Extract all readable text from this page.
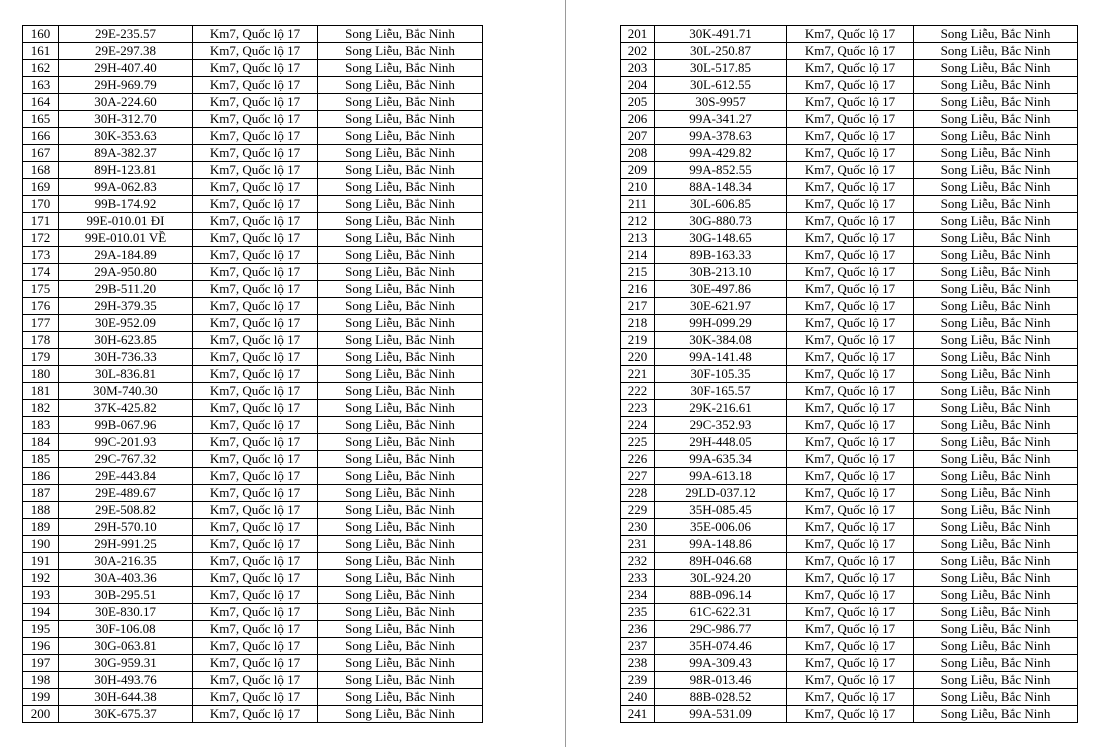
160	29E-235.57	Km7, Quốc lộ 17	Song Liễu, Bắc Ninh
161	29E-297.38	Km7, Quốc lộ 17	Song Liễu, Bắc Ninh
162	29H-407.40	Km7, Quốc lộ 17	Song Liễu, Bắc Ninh
163	29H-969.79	Km7, Quốc lộ 17	Song Liễu, Bắc Ninh
164	30A-224.60	Km7, Quốc lộ 17	Song Liễu, Bắc Ninh
165	30H-312.70	Km7, Quốc lộ 17	Song Liễu, Bắc Ninh
166	30K-353.63	Km7, Quốc lộ 17	Song Liễu, Bắc Ninh
167	89A-382.37	Km7, Quốc lộ 17	Song Liễu, Bắc Ninh
168	89H-123.81	Km7, Quốc lộ 17	Song Liễu, Bắc Ninh
169	99A-062.83	Km7, Quốc lộ 17	Song Liễu, Bắc Ninh
170	99B-174.92	Km7, Quốc lộ 17	Song Liễu, Bắc Ninh
171	99E-010.01 ĐI	Km7, Quốc lộ 17	Song Liễu, Bắc Ninh
172	99E-010.01 VỀ	Km7, Quốc lộ 17	Song Liễu, Bắc Ninh
173	29A-184.89	Km7, Quốc lộ 17	Song Liễu, Bắc Ninh
174	29A-950.80	Km7, Quốc lộ 17	Song Liễu, Bắc Ninh
175	29B-511.20	Km7, Quốc lộ 17	Song Liễu, Bắc Ninh
176	29H-379.35	Km7, Quốc lộ 17	Song Liễu, Bắc Ninh
177	30E-952.09	Km7, Quốc lộ 17	Song Liễu, Bắc Ninh
178	30H-623.85	Km7, Quốc lộ 17	Song Liễu, Bắc Ninh
179	30H-736.33	Km7, Quốc lộ 17	Song Liễu, Bắc Ninh
180	30L-836.81	Km7, Quốc lộ 17	Song Liễu, Bắc Ninh
181	30M-740.30	Km7, Quốc lộ 17	Song Liễu, Bắc Ninh
182	37K-425.82	Km7, Quốc lộ 17	Song Liễu, Bắc Ninh
183	99B-067.96	Km7, Quốc lộ 17	Song Liễu, Bắc Ninh
184	99C-201.93	Km7, Quốc lộ 17	Song Liễu, Bắc Ninh
185	29C-767.32	Km7, Quốc lộ 17	Song Liễu, Bắc Ninh
186	29E-443.84	Km7, Quốc lộ 17	Song Liễu, Bắc Ninh
187	29E-489.67	Km7, Quốc lộ 17	Song Liễu, Bắc Ninh
188	29E-508.82	Km7, Quốc lộ 17	Song Liễu, Bắc Ninh
189	29H-570.10	Km7, Quốc lộ 17	Song Liễu, Bắc Ninh
190	29H-991.25	Km7, Quốc lộ 17	Song Liễu, Bắc Ninh
191	30A-216.35	Km7, Quốc lộ 17	Song Liễu, Bắc Ninh
192	30A-403.36	Km7, Quốc lộ 17	Song Liễu, Bắc Ninh
193	30B-295.51	Km7, Quốc lộ 17	Song Liễu, Bắc Ninh
194	30E-830.17	Km7, Quốc lộ 17	Song Liễu, Bắc Ninh
195	30F-106.08	Km7, Quốc lộ 17	Song Liễu, Bắc Ninh
196	30G-063.81	Km7, Quốc lộ 17	Song Liễu, Bắc Ninh
197	30G-959.31	Km7, Quốc lộ 17	Song Liễu, Bắc Ninh
198	30H-493.76	Km7, Quốc lộ 17	Song Liễu, Bắc Ninh
199	30H-644.38	Km7, Quốc lộ 17	Song Liễu, Bắc Ninh
200	30K-675.37	Km7, Quốc lộ 17	Song Liễu, Bắc Ninh
201	30K-491.71	Km7, Quốc lộ 17	Song Liễu, Bắc Ninh
202	30L-250.87	Km7, Quốc lộ 17	Song Liễu, Bắc Ninh
203	30L-517.85	Km7, Quốc lộ 17	Song Liễu, Bắc Ninh
204	30L-612.55	Km7, Quốc lộ 17	Song Liễu, Bắc Ninh
205	30S-9957	Km7, Quốc lộ 17	Song Liễu, Bắc Ninh
206	99A-341.27	Km7, Quốc lộ 17	Song Liễu, Bắc Ninh
207	99A-378.63	Km7, Quốc lộ 17	Song Liễu, Bắc Ninh
208	99A-429.82	Km7, Quốc lộ 17	Song Liễu, Bắc Ninh
209	99A-852.55	Km7, Quốc lộ 17	Song Liễu, Bắc Ninh
210	88A-148.34	Km7, Quốc lộ 17	Song Liễu, Bắc Ninh
211	30L-606.85	Km7, Quốc lộ 17	Song Liễu, Bắc Ninh
212	30G-880.73	Km7, Quốc lộ 17	Song Liễu, Bắc Ninh
213	30G-148.65	Km7, Quốc lộ 17	Song Liễu, Bắc Ninh
214	89B-163.33	Km7, Quốc lộ 17	Song Liễu, Bắc Ninh
215	30B-213.10	Km7, Quốc lộ 17	Song Liễu, Bắc Ninh
216	30E-497.86	Km7, Quốc lộ 17	Song Liễu, Bắc Ninh
217	30E-621.97	Km7, Quốc lộ 17	Song Liễu, Bắc Ninh
218	99H-099.29	Km7, Quốc lộ 17	Song Liễu, Bắc Ninh
219	30K-384.08	Km7, Quốc lộ 17	Song Liễu, Bắc Ninh
220	99A-141.48	Km7, Quốc lộ 17	Song Liễu, Bắc Ninh
221	30F-105.35	Km7, Quốc lộ 17	Song Liễu, Bắc Ninh
222	30F-165.57	Km7, Quốc lộ 17	Song Liễu, Bắc Ninh
223	29K-216.61	Km7, Quốc lộ 17	Song Liễu, Bắc Ninh
224	29C-352.93	Km7, Quốc lộ 17	Song Liễu, Bắc Ninh
225	29H-448.05	Km7, Quốc lộ 17	Song Liễu, Bắc Ninh
226	99A-635.34	Km7, Quốc lộ 17	Song Liễu, Bắc Ninh
227	99A-613.18	Km7, Quốc lộ 17	Song Liễu, Bắc Ninh
228	29LD-037.12	Km7, Quốc lộ 17	Song Liễu, Bắc Ninh
229	35H-085.45	Km7, Quốc lộ 17	Song Liễu, Bắc Ninh
230	35E-006.06	Km7, Quốc lộ 17	Song Liễu, Bắc Ninh
231	99A-148.86	Km7, Quốc lộ 17	Song Liễu, Bắc Ninh
232	89H-046.68	Km7, Quốc lộ 17	Song Liễu, Bắc Ninh
233	30L-924.20	Km7, Quốc lộ 17	Song Liễu, Bắc Ninh
234	88B-096.14	Km7, Quốc lộ 17	Song Liễu, Bắc Ninh
235	61C-622.31	Km7, Quốc lộ 17	Song Liễu, Bắc Ninh
236	29C-986.77	Km7, Quốc lộ 17	Song Liễu, Bắc Ninh
237	35H-074.46	Km7, Quốc lộ 17	Song Liễu, Bắc Ninh
238	99A-309.43	Km7, Quốc lộ 17	Song Liễu, Bắc Ninh
239	98R-013.46	Km7, Quốc lộ 17	Song Liễu, Bắc Ninh
240	88B-028.52	Km7, Quốc lộ 17	Song Liễu, Bắc Ninh
241	99A-531.09	Km7, Quốc lộ 17	Song Liễu, Bắc Ninh
